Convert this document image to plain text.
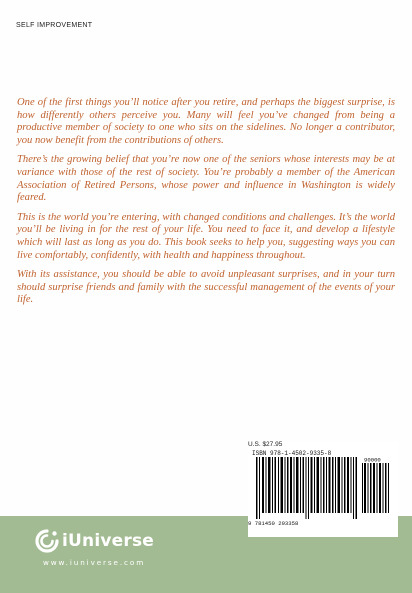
SELF IMPROVEMENT

One of the first things you’ll notice after you retire, and perhaps the biggest surprise, is how differently others perceive you. Many will feel you’ve changed from being a productive member of society to one who sits on the sidelines. No longer a contributor, you now benefit from the contributions of others.

There’s the growing belief that you’re now one of the seniors whose interests may be at variance with those of the rest of society. You’re probably a member of the American Association of Retired Persons, whose power and influence in Washington is widely feared.

This is the world you’re entering, with changed conditions and challenges. It’s the world you’ll be living in for the rest of your life. You need to face it, and develop a lifestyle which will last as long as you do. This book seeks to help you, suggesting ways you can live comfortably, confidently, with health and happiness throughout.

With its assistance, you should be able to avoid unpleasant surprises, and in your turn should surprise friends and family with the successful management of the events of your life.

U.S. $27.95
ISBN 978-1-4502-9335-8
90000
9 781450 293358
iUniverse
www.iuniverse.com
